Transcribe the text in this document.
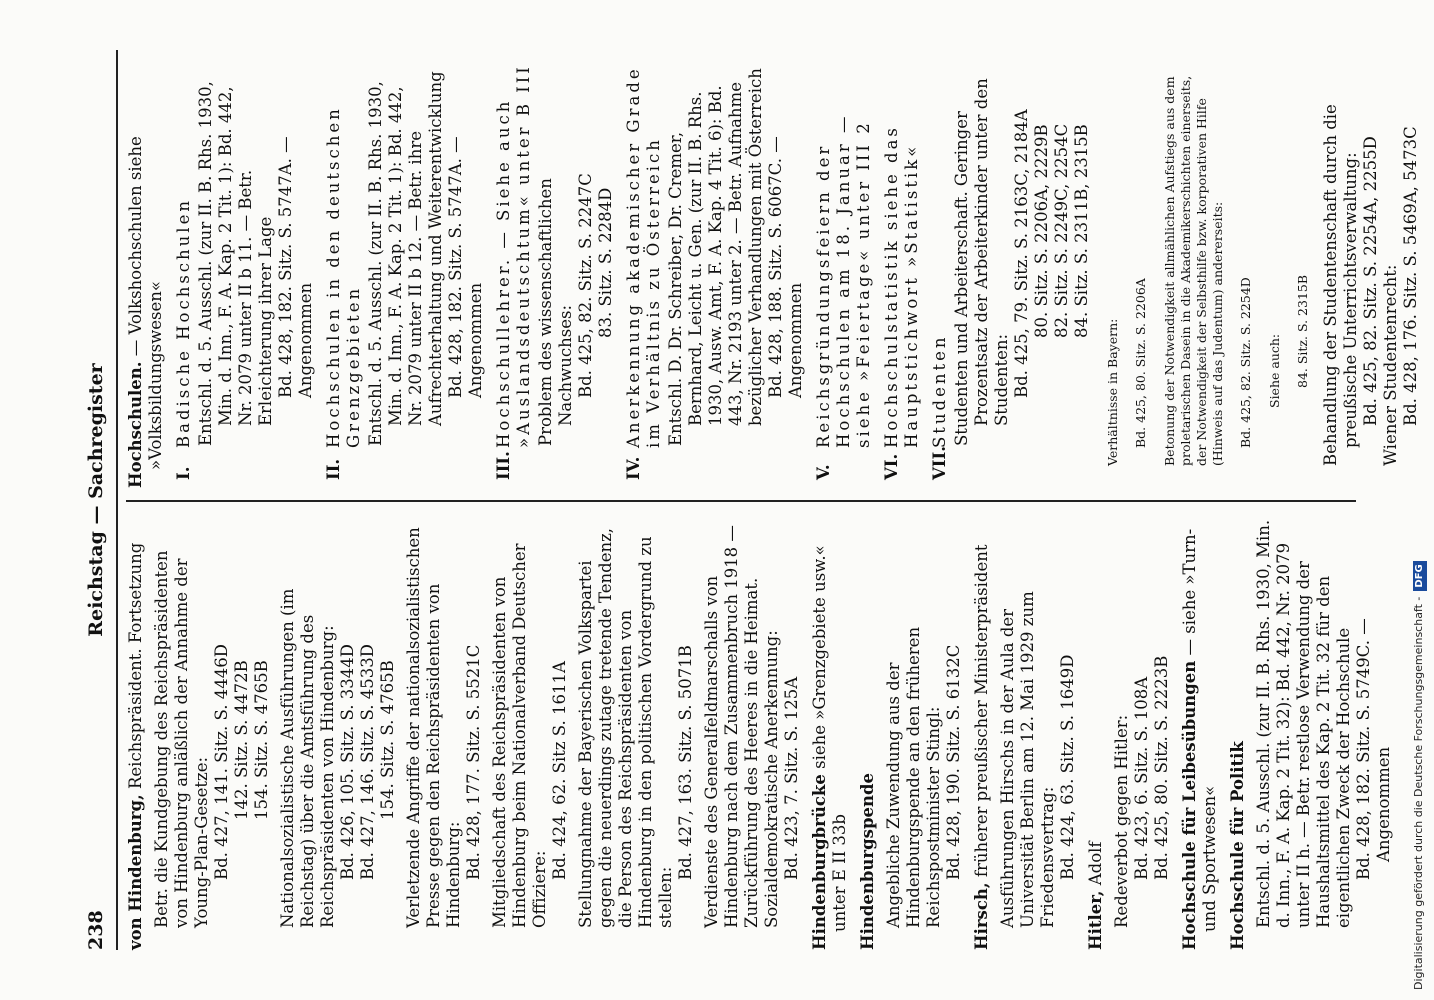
238
Reichstag — Sachregister

von Hindenburg, Reichspräsident. Fortsetzung Betr. die Kundgebung des Reichspräsidenten von Hindenburg anläßlich der Annahme der Young-Plan-Gesetze: Bd. 427, 141. Sitz. S. 4446D 142. Sitz. S. 4472B 154. Sitz. S. 4765B Nationalsozialistische Ausführungen (im Reichstag) über die Amtsführung des Reichspräsidenten von Hindenburg: Bd. 426, 105. Sitz. S. 3344D Bd. 427, 146. Sitz. S. 4533D 154. Sitz. S. 4765B Verletzende Angriffe der nationalsozialistischen Presse gegen den Reichspräsidenten von Hindenburg: Bd. 428, 177. Sitz. S. 5521C Mitgliedschaft des Reichspräsidenten von Hindenburg beim Nationalverband Deutscher Offiziere:

Bd. 424, 62. Sitz S. 1611A Stellungnahme der Bayerischen Volkspartei gegen die neuerdings zutage tretende Tendenz, die Person des Reichspräsidenten von Hindenburg in den politischen Vordergrund zu stellen:

Bd. 427, 163. Sitz. S. 5071B Verdienste des Generalfeldmarschalls von Hindenburg nach dem Zusammenbruch 1918 — Zurückführung des Heeres in die Heimat. Sozialdemokratische Anerkennung: Bd. 423, 7. Sitz. S. 125A Hindenburgbrücke siehe »Grenzgebiete usw.« unter E II 33b Hindenburgspende Angebliche Zuwendung aus der Hindenburgspende an den früheren Reichspostminister Stingl: Bd. 428, 190. Sitz. S. 6132C

Hirsch, früherer preußischer Ministerpräsident Ausführungen Hirschs in der Aula der Universität Berlin am 12. Mai 1929 zum Friedensvertrag: Bd. 424, 63. Sitz. S. 1649D

Hitler, Adolf Redeverbot gegen Hitler: Bd. 423, 6. Sitz. S. 108A Bd. 425, 80. Sitz. S. 2223B Hochschule für Leibesübungen — siehe »Turn- und Sportwesen« Hochschule für Politik Entschl. d. 5. Ausschl. (zur II. B. Rhs. 1930, Min. d. Inn., F. A. Kap. 2 Tit. 32): Bd. 442, Nr. 2079 unter II h. — Betr. restlose Verwendung der Haushaltsmittel des Kap. 2 Tit. 32 für den eigentlichen Zweck der Hochschule Bd. 428, 182. Sitz. S. 5749C. — Angenommen

Hochschulen. — Volkshochschulen siehe »Volksbildungswesen«

I.Badische Hochschulen Entschl. d. 5. Ausschl. (zur II. B. Rhs. 1930, Min. d. Inn., F. A. Kap. 2 Tit. 1): Bd. 442, Nr. 2079 unter II b 11. — Betr. Erleichterung ihrer Lage Bd. 428, 182. Sitz. S. 5747A. — Angenommen

II.Hochschulen in den deutschen Grenzgebieten Entschl. d. 5. Ausschl. (zur II. B. Rhs. 1930, Min. d. Inn., F. A. Kap. 2 Tit. 1): Bd. 442, Nr. 2079 unter II b 12. — Betr. ihre Aufrechterhaltung und Weiterentwicklung Bd. 428, 182. Sitz. S. 5747A. — Angenommen

III.Hochschullehrer. — Siehe auch »Auslandsdeutschtum« unter B III Problem des wissenschaftlichen Nachwuchses: Bd. 425, 82. Sitz. S. 2247C 83. Sitz. S. 2284D

IV.Anerkennung akademischer Grade im Verhältnis zu Österreich Entschl. D. Dr. Schreiber, Dr. Cremer, Bernhard, Leicht u. Gen. (zur II. B. Rhs. 1930, Ausw. Amt, F. A. Kap. 4 Tit. 6): Bd. 443, Nr. 2193 unter 2. — Betr. Aufnahme bezüglicher Verhandlungen mit Österreich Bd. 428, 188. Sitz. S. 6067C. — Angenommen

V.Reichsgründungsfeiern der Hochschulen am 18. Januar — siehe »Feiertage« unter III 2

VI.Hochschulstatistik siehe das Hauptstichwort »Statistik«

VII.Studenten Studenten und Arbeiterschaft. Geringer Prozentsatz der Arbeiterkinder unter den Studenten: Bd. 425, 79. Sitz. S. 2163C, 2184A 80. Sitz. S. 2206A, 2229B 82. Sitz. S. 2249C, 2254C 84. Sitz. S. 2311B, 2315B

Verhältnisse in Bayern: Bd. 425, 80. Sitz. S. 2206A Betonung der Notwendigkeit allmählichen Aufstiegs aus dem proletarischen Dasein in die Akademikerschichten einerseits, der Notwendigkeit der Selbsthilfe bzw. korporativen Hilfe (Hinweis auf das Judentum) andererseits: Bd. 425, 82. Sitz. S. 2254D Siehe auch: 84. Sitz. S. 2315B Behandlung der Studentenschaft durch die preußische Unterrichtsverwaltung: Bd. 425, 82. Sitz. S. 2254A, 2255D Wiener Studentenrecht: Bd. 428, 176. Sitz. S. 5469A, 5473C

Digitalisierung gefördert durch die Deutsche Forschungsgemeinschaft -DFG
